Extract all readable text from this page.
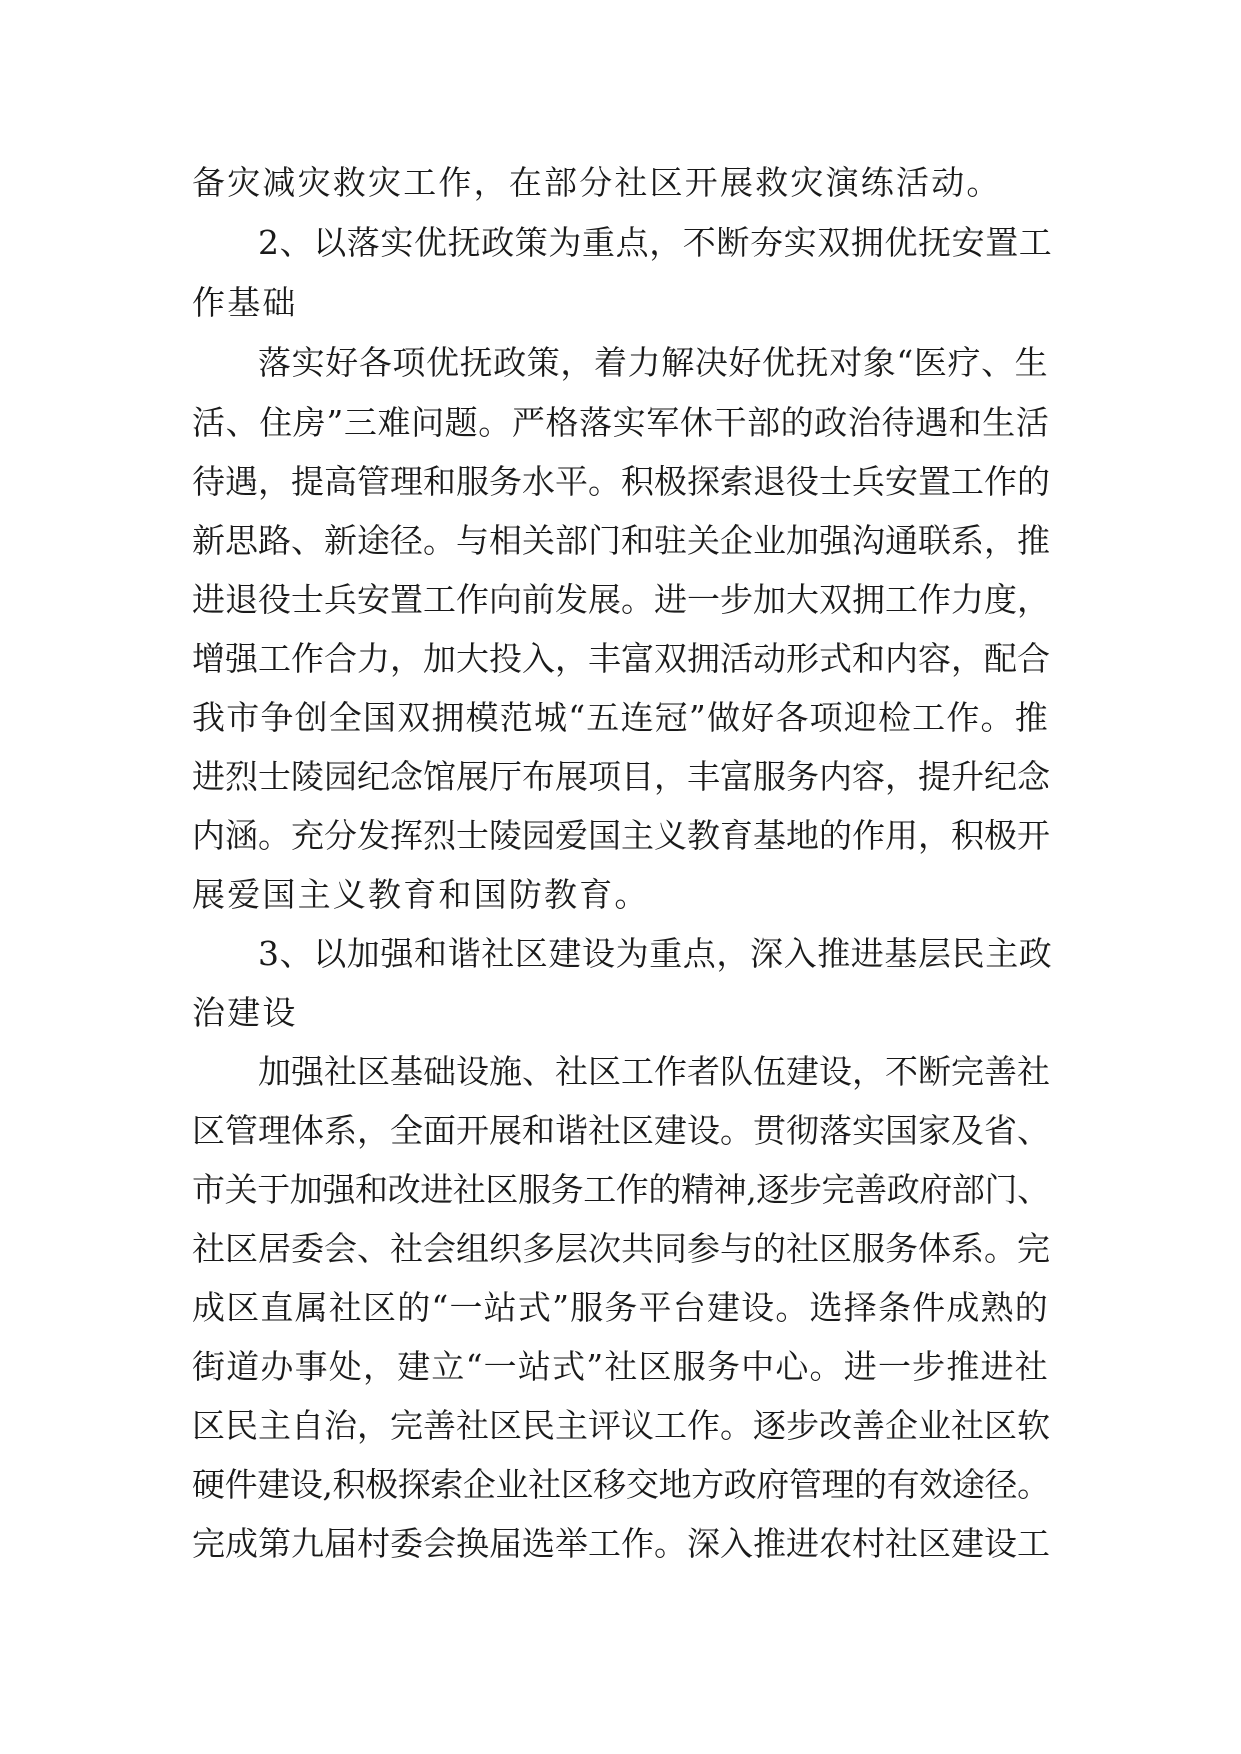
备灾减灾救灾工作，在部分社区开展救灾演练活动。
2、以落实优抚政策为重点，不断夯实双拥优抚安置工
作基础
落实好各项优抚政策，着力解决好优抚对象“医疗、生
活、住房”三难问题。严格落实军休干部的政治待遇和生活
待遇，提高管理和服务水平。积极探索退役士兵安置工作的
新思路、新途径。与相关部门和驻关企业加强沟通联系，推
进退役士兵安置工作向前发展。进一步加大双拥工作力度，
增强工作合力，加大投入，丰富双拥活动形式和内容，配合
我市争创全国双拥模范城“五连冠”做好各项迎检工作。推
进烈士陵园纪念馆展厅布展项目，丰富服务内容，提升纪念
内涵。充分发挥烈士陵园爱国主义教育基地的作用，积极开
展爱国主义教育和国防教育。
3、以加强和谐社区建设为重点，深入推进基层民主政
治建设
加强社区基础设施、社区工作者队伍建设，不断完善社
区管理体系，全面开展和谐社区建设。贯彻落实国家及省、
市关于加强和改进社区服务工作的精神,逐步完善政府部门、
社区居委会、社会组织多层次共同参与的社区服务体系。完
成区直属社区的“一站式”服务平台建设。选择条件成熟的
街道办事处，建立“一站式”社区服务中心。进一步推进社
区民主自治，完善社区民主评议工作。逐步改善企业社区软
硬件建设,积极探索企业社区移交地方政府管理的有效途径。
完成第九届村委会换届选举工作。深入推进农村社区建设工
